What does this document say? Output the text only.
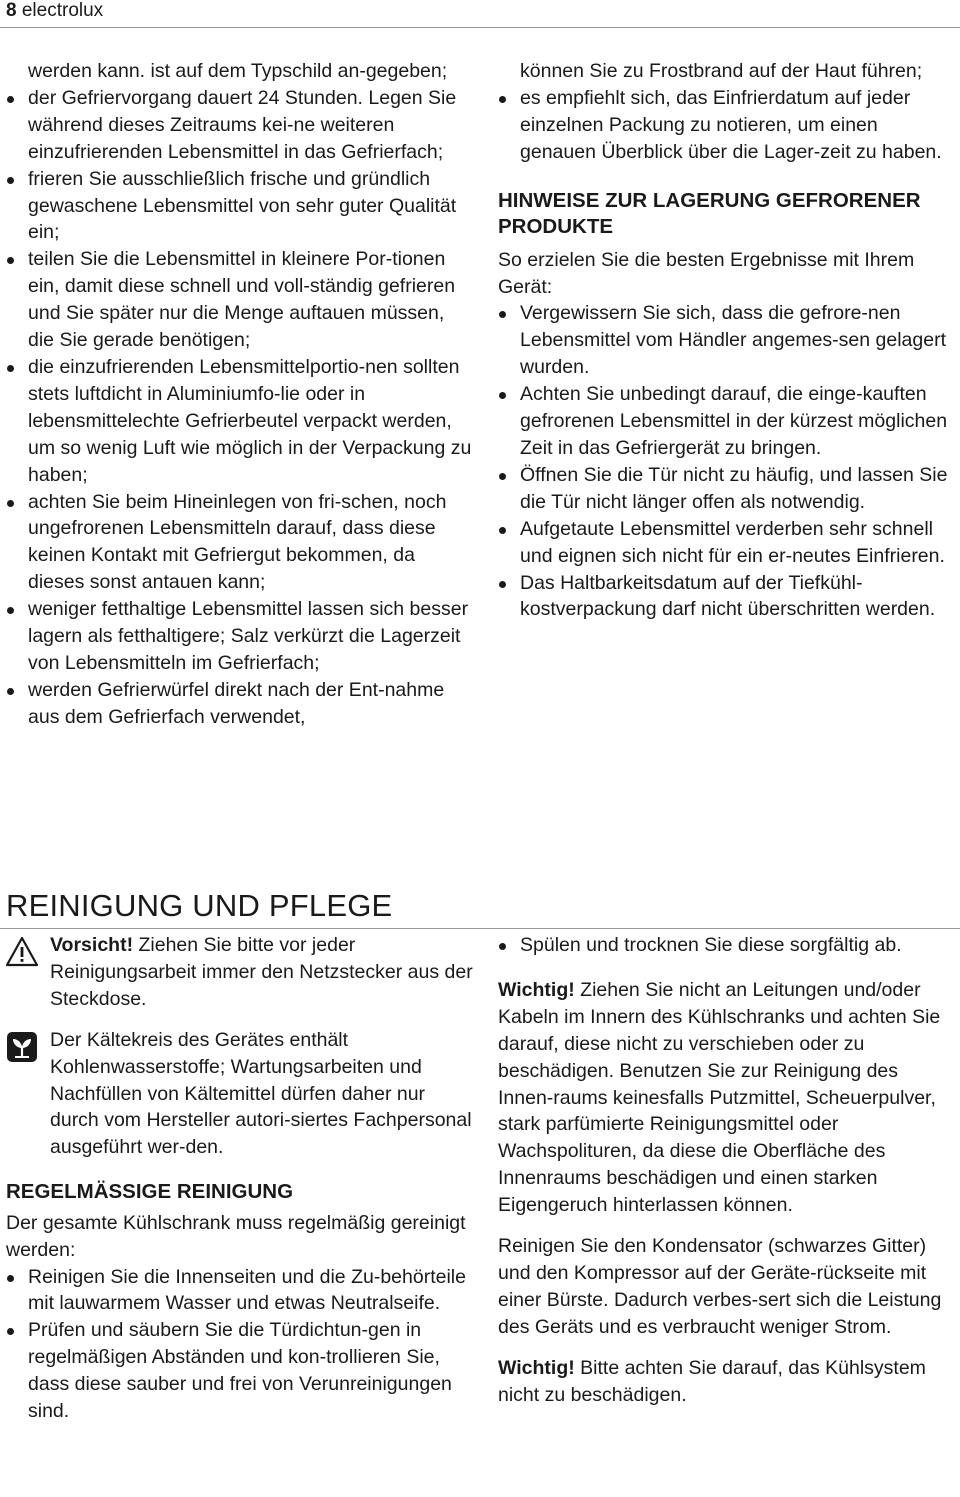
8 electrolux

werden kann. ist auf dem Typschild an-gegeben;

der Gefriervorgang dauert 24 Stunden. Legen Sie während dieses Zeitraums kei-ne weiteren einzufrierenden Lebensmittel in das Gefrierfach;
frieren Sie ausschließlich frische und gründlich gewaschene Lebensmittel von sehr guter Qualität ein;
teilen Sie die Lebensmittel in kleinere Por-tionen ein, damit diese schnell und voll-ständig gefrieren und Sie später nur die Menge auftauen müssen, die Sie gerade benötigen;
die einzufrierenden Lebensmittelportio-nen sollten stets luftdicht in Aluminiumfo-lie oder in lebensmittelechte Gefrierbeutel verpackt werden, um so wenig Luft wie möglich in der Verpackung zu haben;
achten Sie beim Hineinlegen von fri-schen, noch ungefrorenen Lebensmitteln darauf, dass diese keinen Kontakt mit Gefriergut bekommen, da dieses sonst antauen kann;
weniger fetthaltige Lebensmittel lassen sich besser lagern als fetthaltigere; Salz verkürzt die Lagerzeit von Lebensmitteln im Gefrierfach;
werden Gefrierwürfel direkt nach der Ent-nahme aus dem Gefrierfach verwendet,

können Sie zu Frostbrand auf der Haut führen;

es empfiehlt sich, das Einfrierdatum auf jeder einzelnen Packung zu notieren, um einen genauen Überblick über die Lager-zeit zu haben.

HINWEISE ZUR LAGERUNG GEFRORENER PRODUKTE

So erzielen Sie die besten Ergebnisse mit Ihrem Gerät:

Vergewissern Sie sich, dass die gefrore-nen Lebensmittel vom Händler angemes-sen gelagert wurden.
Achten Sie unbedingt darauf, die einge-kauften gefrorenen Lebensmittel in der kürzest möglichen Zeit in das Gefriergerät zu bringen.
Öffnen Sie die Tür nicht zu häufig, und lassen Sie die Tür nicht länger offen als notwendig.
Aufgetaute Lebensmittel verderben sehr schnell und eignen sich nicht für ein er-neutes Einfrieren.
Das Haltbarkeitsdatum auf der Tiefkühl-kostverpackung darf nicht überschritten werden.
REINIGUNG UND PFLEGE

Vorsicht! Ziehen Sie bitte vor jeder Reinigungsarbeit immer den Netzstecker aus der Steckdose.

Der Kältekreis des Gerätes enthält Kohlenwasserstoffe; Wartungsarbeiten und Nachfüllen von Kältemittel dürfen daher nur durch vom Hersteller autori-siertes Fachpersonal ausgeführt wer-den.

REGELMÄSSIGE REINIGUNG

Der gesamte Kühlschrank muss regelmäßig gereinigt werden:

Reinigen Sie die Innenseiten und die Zu-behörteile mit lauwarmem Wasser und etwas Neutralseife.
Prüfen und säubern Sie die Türdichtun-gen in regelmäßigen Abständen und kon-trollieren Sie, dass diese sauber und frei von Verunreinigungen sind.
Spülen und trocknen Sie diese sorgfältig ab.

Wichtig! Ziehen Sie nicht an Leitungen und/oder Kabeln im Innern des Kühlschranks und achten Sie darauf, diese nicht zu verschieben oder zu beschädigen. Benutzen Sie zur Reinigung des Innen-raums keinesfalls Putzmittel, Scheuerpulver, stark parfümierte Reinigungsmittel oder Wachspolituren, da diese die Oberfläche des Innenraums beschädigen und einen starken Eigengeruch hinterlassen können.

Reinigen Sie den Kondensator (schwarzes Gitter) und den Kompressor auf der Geräte-rückseite mit einer Bürste. Dadurch verbes-sert sich die Leistung des Geräts und es verbraucht weniger Strom.

Wichtig! Bitte achten Sie darauf, das Kühlsystem nicht zu beschädigen.
